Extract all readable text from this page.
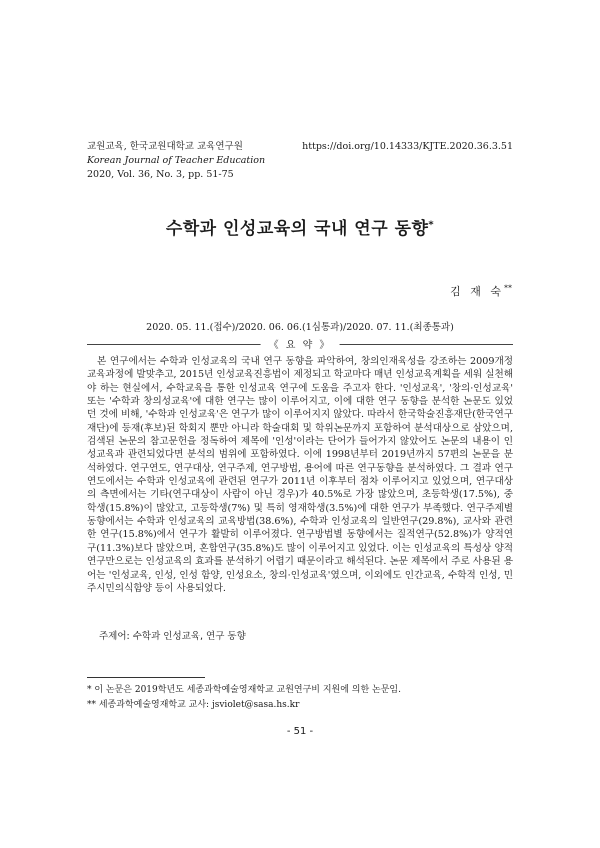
교원교육, 한국교원대학교 교육연구원
Korean Journal of Teacher Education
2020, Vol. 36, No. 3, pp. 51-75
https://doi.org/10.14333/KJTE.2020.36.3.51
수학과 인성교육의 국내 연구 동향*
김 재 숙**
2020. 05. 11.(접수)/2020. 06. 06.(1심통과)/2020. 07. 11.(최종통과)
《 요 약 》

본 연구에서는 수학과 인성교육의 국내 연구 동향을 파악하여, 창의인재육성을 강조하는 2009개정 교육과정에 발맞추고, 2015년 인성교육진흥법이 제정되고 학교마다 매년 인성교육계획을 세워 실천해야 하는 현실에서, 수학교육을 통한 인성교육 연구에 도움을 주고자 한다. '인성교육', '창의·인성교육' 또는 '수학과 창의성교육'에 대한 연구는 많이 이루어지고, 이에 대한 연구 동향을 분석한 논문도 있었던 것에 비해, '수학과 인성교육'은 연구가 많이 이루어지지 않았다. 따라서 한국학술진흥재단(한국연구재단)에 등재(후보)된 학회지 뿐만 아니라 학술대회 및 학위논문까지 포함하여 분석대상으로 삼았으며, 검색된 논문의 참고문헌을 정독하여 제목에 '인성'이라는 단어가 들어가지 않았어도 논문의 내용이 인성교육과 관련되었다면 분석의 범위에 포함하였다. 이에 1998년부터 2019년까지 57편의 논문을 분석하였다. 연구연도, 연구대상, 연구주제, 연구방법, 용어에 따른 연구동향을 분석하였다. 그 결과 연구연도에서는 수학과 인성교육에 관련된 연구가 2011년 이후부터 점차 이루어지고 있었으며, 연구대상의 측면에서는 기타(연구대상이 사람이 아닌 경우)가 40.5%로 가장 많았으며, 초등학생(17.5%), 중학생(15.8%)이 많았고, 고등학생(7%) 및 특히 영재학생(3.5%)에 대한 연구가 부족했다. 연구주제별 동향에서는 수학과 인성교육의 교육방법(38.6%), 수학과 인성교육의 일반연구(29.8%), 교사와 관련한 연구(15.8%)에서 연구가 활발히 이루어졌다. 연구방법별 동향에서는 질적연구(52.8%)가 양적연구(11.3%)보다 많았으며, 혼합연구(35.8%)도 많이 이루어지고 있었다. 이는 인성교육의 특성상 양적연구만으로는 인성교육의 효과를 분석하기 어렵기 때문이라고 해석된다. 논문 제목에서 주로 사용된 용어는 '인성교육, 인성, 인성 함양, 인성요소, 창의·인성교육'였으며, 이외에도 인간교육, 수학적 인성, 민주시민의식함양 등이 사용되었다.

주제어: 수학과 인성교육, 연구 동향
* 이 논문은 2019학년도 세종과학예술영재학교 교원연구비 지원에 의한 논문임.
** 세종과학예술영재학교 교사: jsviolet@sasa.hs.kr
- 51 -
